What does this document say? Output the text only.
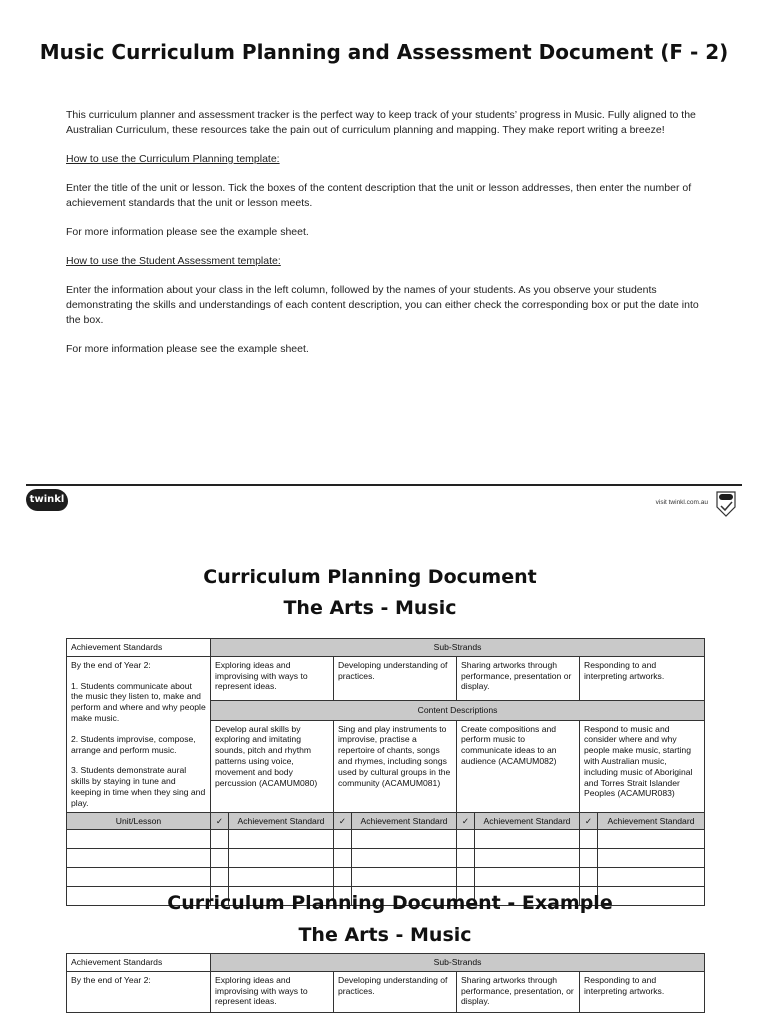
Music Curriculum Planning and Assessment Document (F - 2)

This curriculum planner and assessment tracker is the perfect way to keep track of your students’ progress in Music. Fully aligned to the Australian Curriculum, these resources take the pain out of curriculum planning and mapping. They make report writing a breeze!

How to use the Curriculum Planning template:

Enter the title of the unit or lesson. Tick the boxes of the content description that the unit or lesson addresses, then enter the number of achievement standards that the unit or lesson meets.

For more information please see the example sheet.

How to use the Student Assessment template:

Enter the information about your class in the left column, followed by the names of your students. As you observe your students demonstrating the skills and understandings of each content description, you can either check the corresponding box or put the date into the box.

For more information please see the example sheet.

twinkl	visit twinkl.com.au
Curriculum Planning Document
The Arts - Music
Achievement Standards	Sub-Strands							

By the end of Year 2:

1. Students communicate about the music they listen to, make and perform and where and why people make music.

2. Students improvise, compose, arrange and perform music.

3. Students demonstrate aural skills by staying in tune and keeping in time when they sing and play.	Exploring ideas and improvising with ways to represent ideas.		Developing understanding of practices.		Sharing artworks through performance, presentation or display.		Responding to and interpreting artworks.	
	Content Descriptions							
	Develop aural skills by exploring and imitating sounds, pitch and rhythm patterns using voice, movement and body percussion (ACAMUM080)		Sing and play instruments to improvise, practise a repertoire of chants, songs and rhymes, including songs used by cultural groups in the community (ACAMUM081)		Create compositions and perform music to communicate ideas to an audience (ACAMUM082)		Respond to music and consider where and why people make music, starting with Australian music, including music of Aboriginal and Torres Strait Islander Peoples (ACAMUR083)	

Unit/Lesson	✓	Achievement Standard	✓	Achievement Standard	✓	Achievement Standard	✓	Achievement Standard

Curriculum Planning Document - Example
The Arts - Music
Achievement Standards	Sub-Strands			
By the end of Year 2:	Exploring ideas and improvising with ways to represent ideas.	Developing understanding of practices.	Sharing artworks through performance, presentation, or display.	Responding to and interpreting artworks.
